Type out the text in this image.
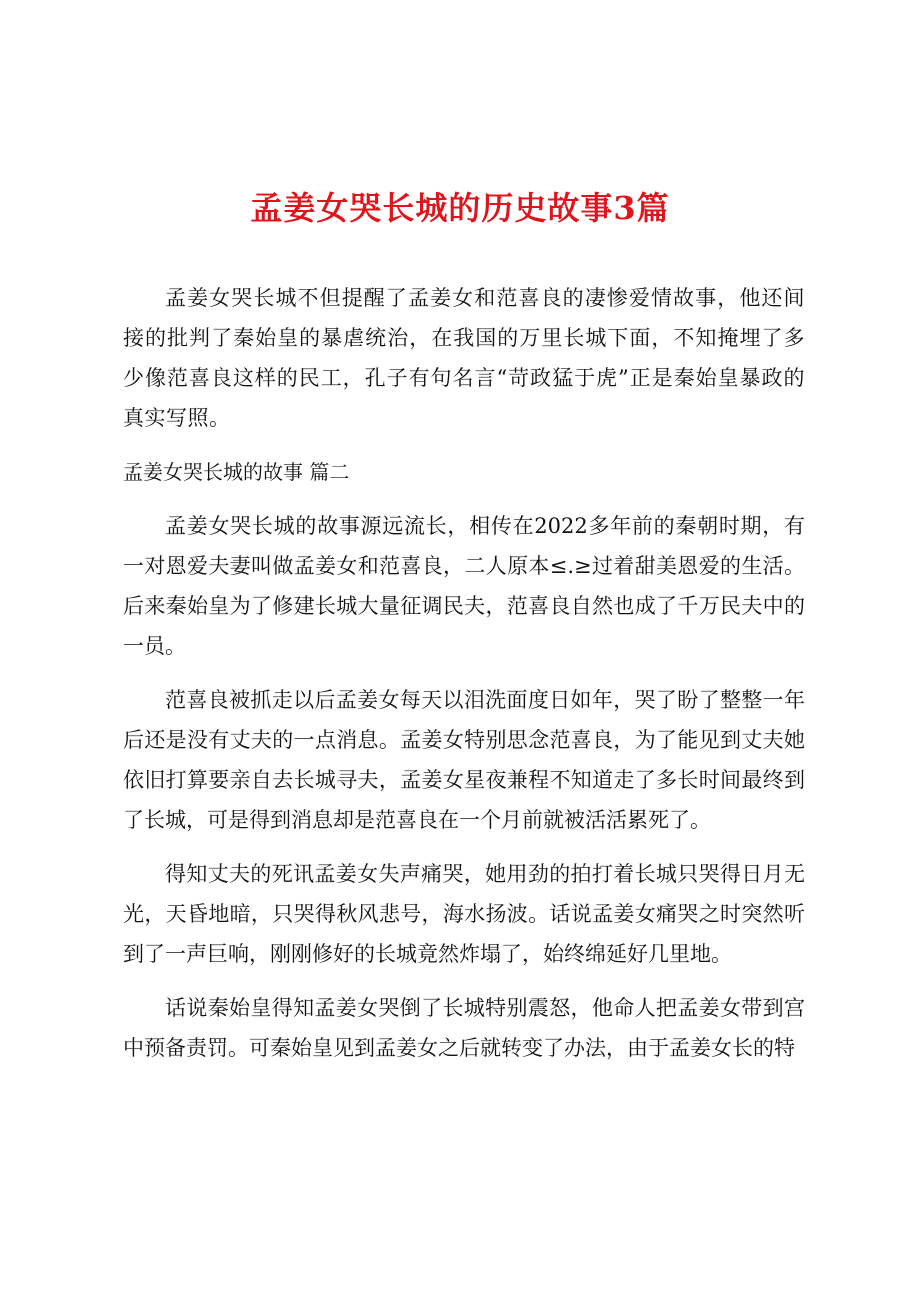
孟姜女哭长城的历史故事3篇

孟姜女哭长城不但提醒了孟姜女和范喜良的凄惨爱情故事，他还间接的批判了秦始皇的暴虐统治，在我国的万里长城下面，不知掩埋了多少像范喜良这样的民工，孔子有句名言“苛政猛于虎”正是秦始皇暴政的真实写照。

孟姜女哭长城的故事 篇二

孟姜女哭长城的故事源远流长，相传在2022多年前的秦朝时期，有一对恩爱夫妻叫做孟姜女和范喜良，二人原本≤.≥过着甜美恩爱的生活。后来秦始皇为了修建长城大量征调民夫，范喜良自然也成了千万民夫中的一员。

范喜良被抓走以后孟姜女每天以泪洗面度日如年，哭了盼了整整一年后还是没有丈夫的一点消息。孟姜女特别思念范喜良，为了能见到丈夫她依旧打算要亲自去长城寻夫，孟姜女星夜兼程不知道走了多长时间最终到了长城，可是得到消息却是范喜良在一个月前就被活活累死了。

得知丈夫的死讯孟姜女失声痛哭，她用劲的拍打着长城只哭得日月无光，天昏地暗，只哭得秋风悲号，海水扬波。话说孟姜女痛哭之时突然听到了一声巨响，刚刚修好的长城竟然炸塌了，始终绵延好几里地。

话说秦始皇得知孟姜女哭倒了长城特别震怒，他命人把孟姜女带到宫中预备责罚。可秦始皇见到孟姜女之后就转变了办法，由于孟姜女长的特
